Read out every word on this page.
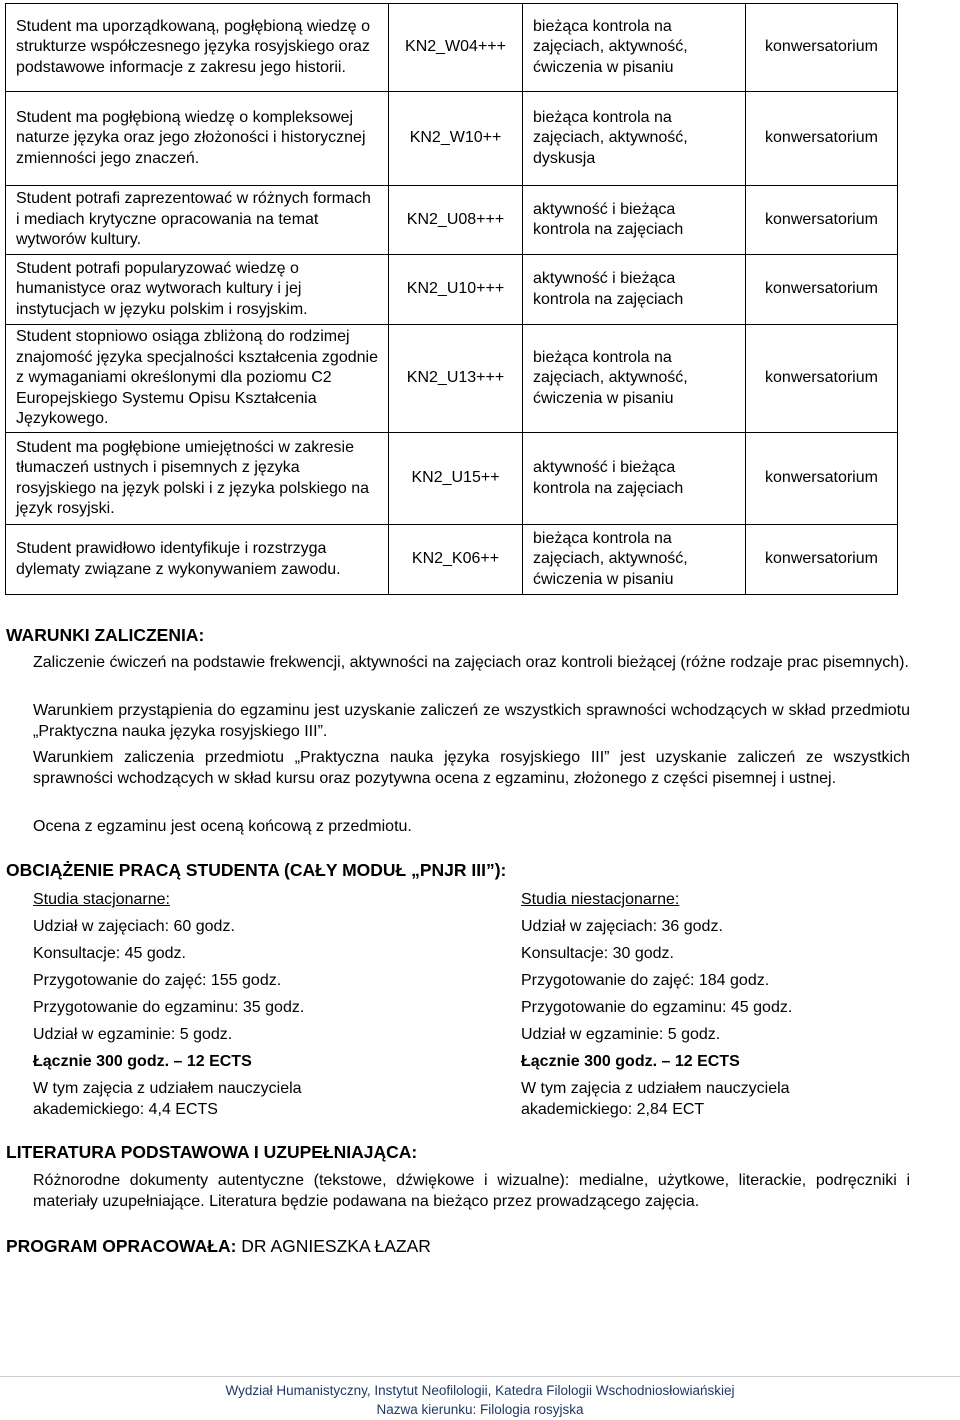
Student ma uporządkowaną, pogłębioną wiedzę o strukturze współczesnego języka rosyjskiego oraz podstawowe informacje z zakresu jego historii.	KN2_W04+++	bieżąca kontrola na zajęciach, aktywność, ćwiczenia w pisaniu	konwersatorium
Student ma pogłębioną wiedzę o kompleksowej naturze języka oraz jego złożoności i historycznej zmienności jego znaczeń.	KN2_W10++	bieżąca kontrola na zajęciach, aktywność, dyskusja	konwersatorium
Student potrafi zaprezentować w różnych formach i mediach krytyczne opracowania na temat wytworów kultury.	KN2_U08+++	aktywność i bieżąca kontrola na zajęciach	konwersatorium
Student potrafi popularyzować wiedzę o humanistyce oraz wytworach kultury i jej instytucjach w języku polskim i rosyjskim.	KN2_U10+++	aktywność i bieżąca kontrola na zajęciach	konwersatorium
Student stopniowo osiąga zbliżoną do rodzimej znajomość języka specjalności kształcenia zgodnie z wymaganiami określonymi dla poziomu C2 Europejskiego Systemu Opisu Kształcenia Językowego.	KN2_U13+++	bieżąca kontrola na zajęciach, aktywność, ćwiczenia w pisaniu	konwersatorium
Student ma pogłębione umiejętności w zakresie tłumaczeń ustnych i pisemnych z języka rosyjskiego na język polski i z języka polskiego na język rosyjski.	KN2_U15++	aktywność i bieżąca kontrola na zajęciach	konwersatorium
Student prawidłowo identyfikuje i rozstrzyga dylematy związane z wykonywaniem zawodu.	KN2_K06++	bieżąca kontrola na zajęciach, aktywność, ćwiczenia w pisaniu	konwersatorium
WARUNKI ZALICZENIA:
Zaliczenie ćwiczeń na podstawie frekwencji, aktywności na zajęciach oraz kontroli bieżącej (różne rodzaje prac pisemnych).
Warunkiem przystąpienia do egzaminu jest uzyskanie zaliczeń ze wszystkich sprawności wchodzących w skład przedmiotu „Praktyczna nauka języka rosyjskiego III”.
Warunkiem zaliczenia przedmiotu „Praktyczna nauka języka rosyjskiego III” jest uzyskanie zaliczeń ze wszystkich sprawności wchodzących w skład kursu oraz pozytywna ocena z egzaminu, złożonego z części pisemnej i ustnej.
Ocena z egzaminu jest oceną końcową z przedmiotu.
OBCIĄŻENIE PRACĄ STUDENTA (CAŁY MODUŁ „PNJR III”):
Studia stacjonarne:
Udział w zajęciach: 60 godz.
Konsultacje: 45 godz.
Przygotowanie do zajęć: 155 godz.
Przygotowanie do egzaminu: 35 godz.
Udział w egzaminie: 5 godz.
Łącznie 300 godz. – 12 ECTS
W tym zajęcia z udziałem nauczyciela akademickiego: 4,4 ECTS
Studia niestacjonarne:
Udział w zajęciach: 36 godz.
Konsultacje: 30 godz.
Przygotowanie do zajęć: 184 godz.
Przygotowanie do egzaminu: 45 godz.
Udział w egzaminie: 5 godz.
Łącznie 300 godz. – 12 ECTS
W tym zajęcia z udziałem nauczyciela akademickiego: 2,84 ECT
LITERATURA PODSTAWOWA I UZUPEŁNIAJĄCA:
Różnorodne dokumenty autentyczne (tekstowe, dźwiękowe i wizualne): medialne, użytkowe, literackie, podręczniki i materiały uzupełniające. Literatura będzie podawana na bieżąco przez prowadzącego zajęcia.
PROGRAM OPRACOWAŁA: DR AGNIESZKA ŁAZAR
Wydział Humanistyczny, Instytut Neofilologii, Katedra Filologii Wschodniosłowiańskiej
Nazwa kierunku: Filologia rosyjska
